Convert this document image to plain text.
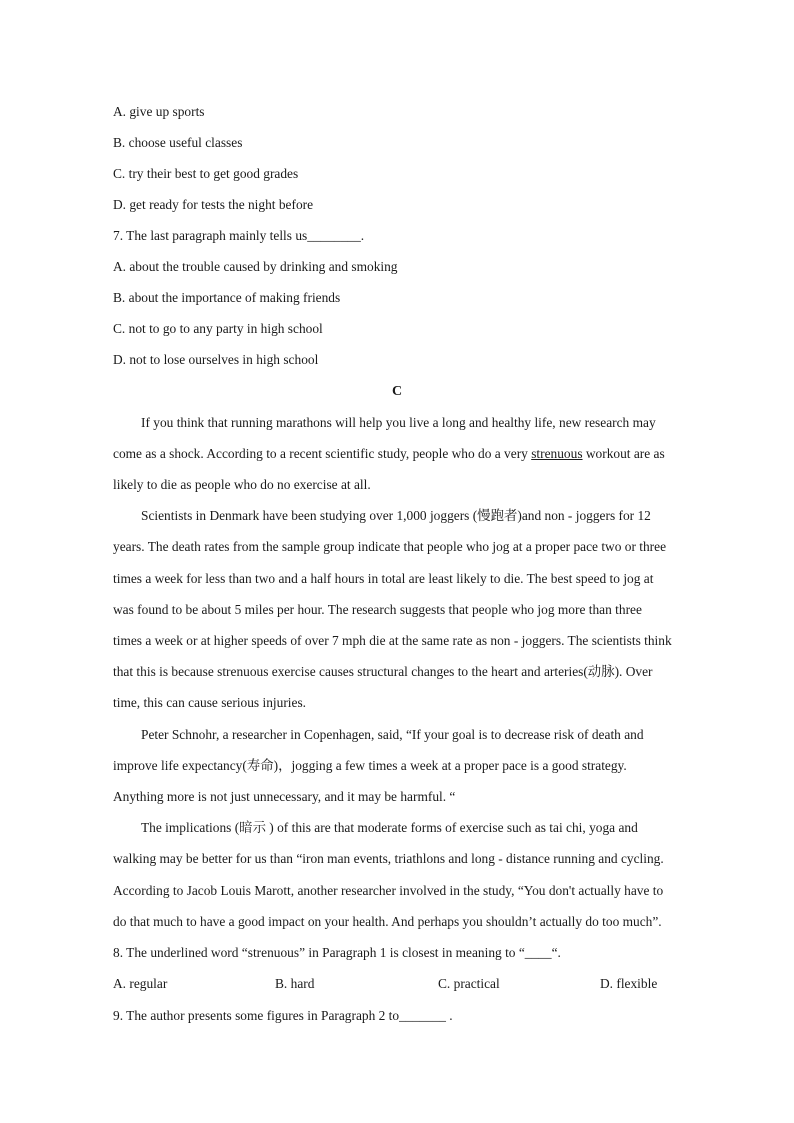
A. give up sports
B. choose useful classes
C. try their best to get good grades
D. get ready for tests the night before
7. The last paragraph mainly tells us________.
A. about the trouble caused by drinking and smoking
B. about the importance of making friends
C. not to go to any party in high school
D. not to lose ourselves in high school
C
If you think that running marathons will help you live a long and healthy life, new research may
come as a shock. According to a recent scientific study, people who do a very strenuous workout are as
likely to die as people who do no exercise at all.
Scientists in Denmark have been studying over 1,000 joggers (慢跑者)and non - joggers for 12
years. The death rates from the sample group indicate that people who jog at a proper pace two or three
times a week for less than two and a half hours in total are least likely to die. The best speed to jog at
was found to be about 5 miles per hour. The research suggests that people who jog more than three
times a week or at higher speeds of over 7 mph die at the same rate as non - joggers. The scientists think
that this is because strenuous exercise causes structural changes to the heart and arteries(动脉). Over
time, this can cause serious injuries.
Peter Schnohr, a researcher in Copenhagen, said, “If your goal is to decrease risk of death and
improve life expectancy(寿命)，jogging a few times a week at a proper pace is a good strategy.
Anything more is not just unnecessary, and it may be harmful. “
The implications (暗示 ) of this are that moderate forms of exercise such as tai chi, yoga and
walking may be better for us than “iron man events, triathlons and long - distance running and cycling.
According to Jacob Louis Marott, another researcher involved in the study, “You don't actually have to
do that much to have a good impact on your health. And perhaps you shouldn’t actually do too much”.
8. The underlined word “strenuous” in Paragraph 1 is closest in meaning to “____“.
A. regular	B. hard	C. practical	D. flexible
9. The author presents some figures in Paragraph 2 to_______ .
